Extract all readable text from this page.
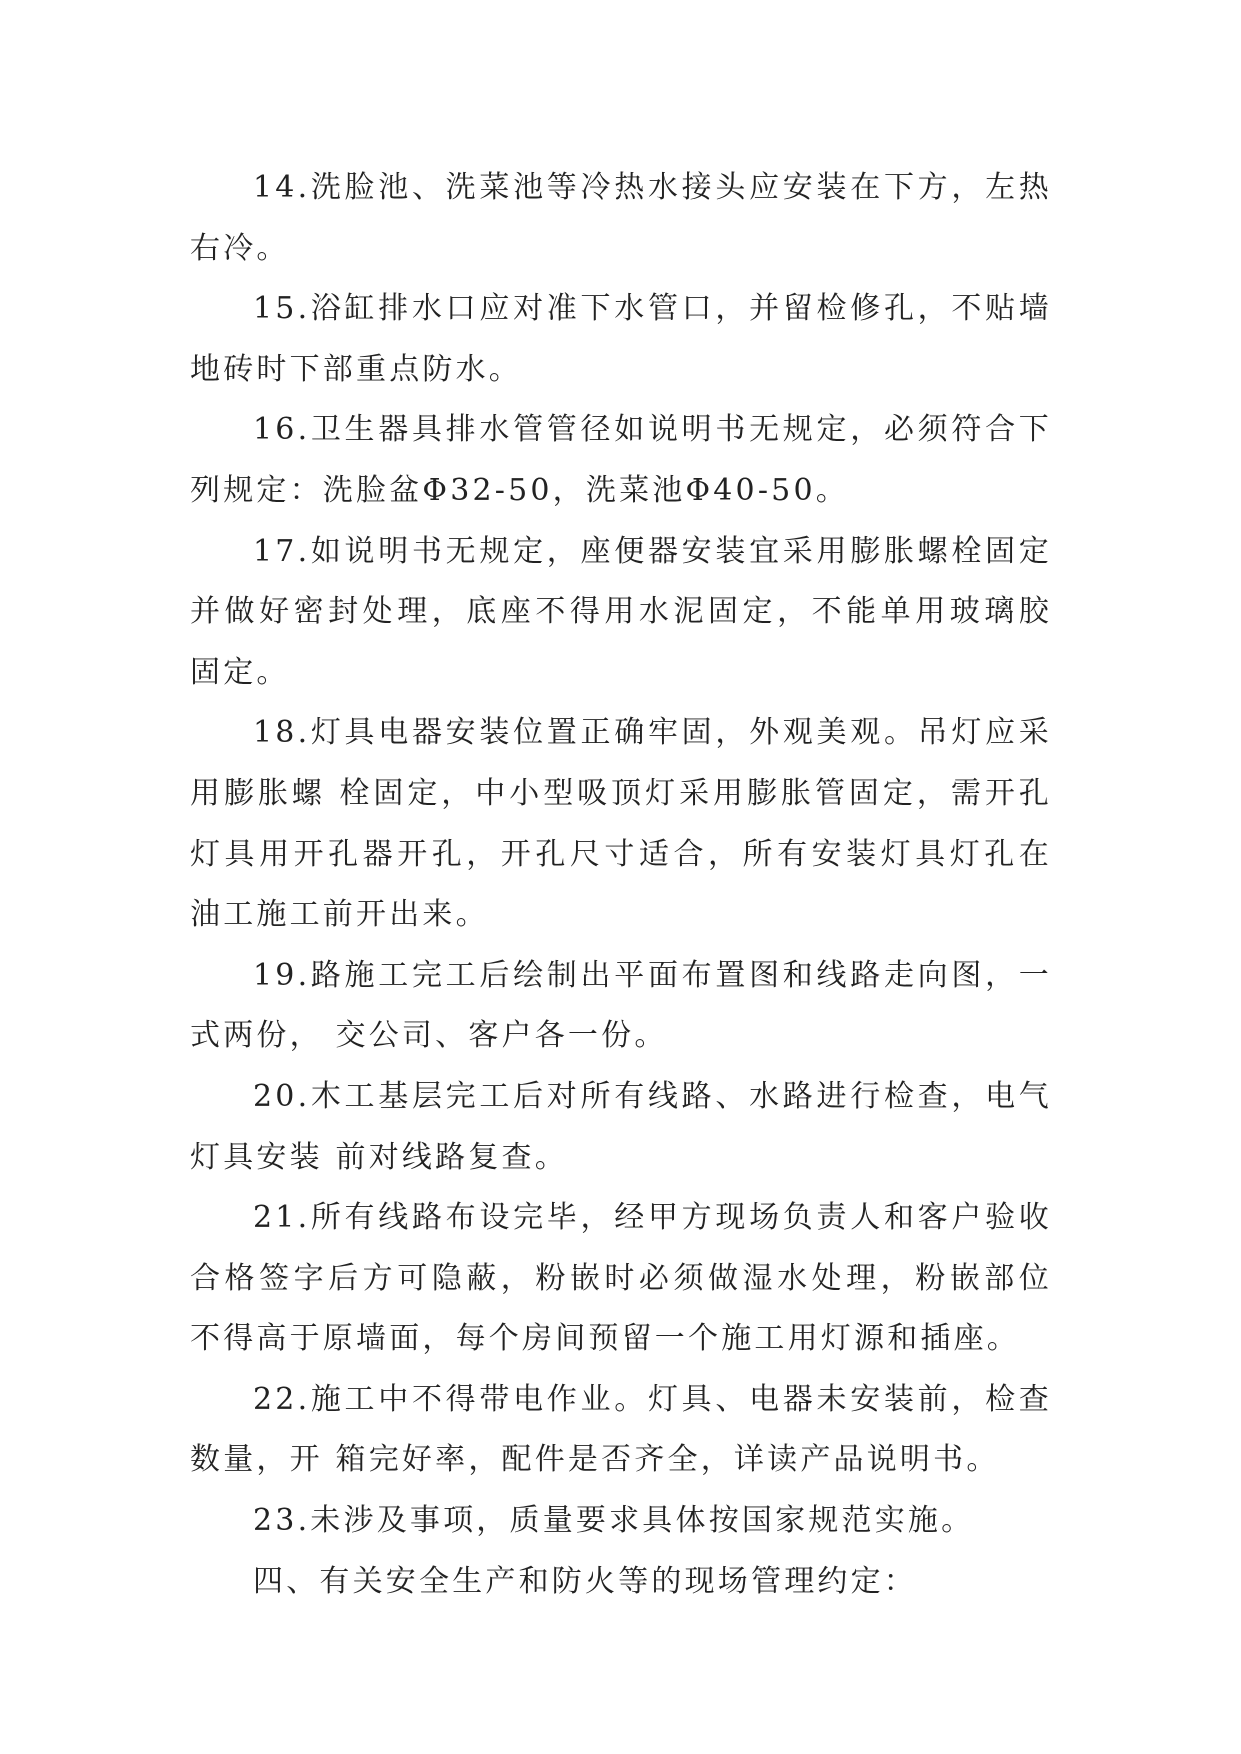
14.洗脸池、洗菜池等冷热水接头应安装在下方，左热右冷。

15.浴缸排水口应对准下水管口，并留检修孔，不贴墙地砖时下部重点防水。

16.卫生器具排水管管径如说明书无规定，必须符合下列规定：洗脸盆Φ32-50，洗菜池Φ40-50。

17.如说明书无规定，座便器安装宜采用膨胀螺栓固定并做好密封处理，底座不得用水泥固定，不能单用玻璃胶固定。

18.灯具电器安装位置正确牢固，外观美观。吊灯应采用膨胀螺 栓固定，中小型吸顶灯采用膨胀管固定，需开孔灯具用开孔器开孔，开孔尺寸适合，所有安装灯具灯孔在油工施工前开出来。

19.路施工完工后绘制出平面布置图和线路走向图，一式两份， 交公司、客户各一份。

20.木工基层完工后对所有线路、水路进行检查，电气灯具安装 前对线路复查。

21.所有线路布设完毕，经甲方现场负责人和客户验收合格签字后方可隐蔽，粉嵌时必须做湿水处理，粉嵌部位不得高于原墙面，每个房间预留一个施工用灯源和插座。

22.施工中不得带电作业。灯具、电器未安装前，检查数量，开 箱完好率，配件是否齐全，详读产品说明书。

23.未涉及事项，质量要求具体按国家规范实施。

四、有关安全生产和防火等的现场管理约定：
